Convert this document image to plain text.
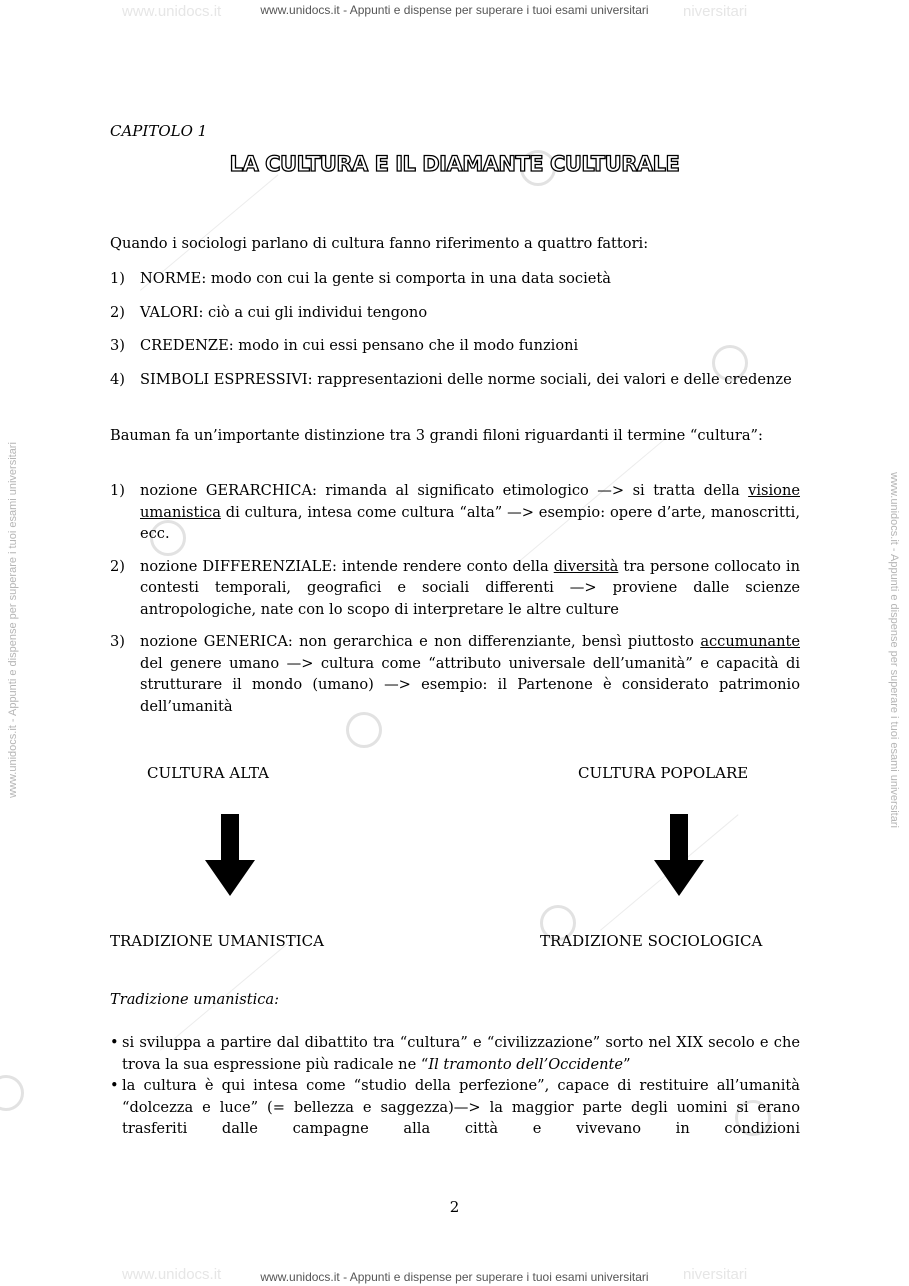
www.unidocs.it	niversitari
www.unidocs.it	niversitari
www.unidocs.it - Appunti e dispense per superare i tuoi esami universitari
www.unidocs.it - Appunti e dispense per superare i tuoi esami universitari
www.unidocs.it - Appunti e dispense per superare i tuoi esami universitari	www.unidocs.it - Appunti e dispense per superare i tuoi esami universitari
CAPITOLO 1
LA CULTURA E IL DIAMANTE CULTURALE

Quando i sociologi parlano di cultura fanno riferimento a quattro fattori:

1) NORME: modo con cui la gente si comporta in una data società

2) VALORI: ciò a cui gli individui tengono

3) CREDENZE: modo in cui essi pensano che il modo funzioni

4) SIMBOLI ESPRESSIVI: rappresentazioni delle norme sociali, dei valori e delle credenze

Bauman fa un’importante distinzione tra 3 grandi filoni riguardanti il termine “cultura”:

1) nozione GERARCHICA: rimanda al significato etimologico —> si tratta della visione umanistica di cultura, intesa come cultura “alta” —> esempio: opere d’arte, manoscritti, ecc.

2) nozione DIFFERENZIALE: intende rendere conto della diversità tra persone collocato in contesti temporali, geografici e sociali differenti —> proviene dalle scienze antropologiche, nate con lo scopo di interpretare le altre culture

3) nozione GENERICA: non gerarchica e non differenziante, bensì piuttosto accumunante del genere umano —> cultura come “attributo universale dell’umanità” e capacità di strutturare il mondo (umano) —> esempio: il Partenone è considerato patrimonio dell’umanità

CULTURA ALTA	CULTURA POPOLARE
TRADIZIONE UMANISTICA	TRADIZIONE SOCIOLOGICA

Tradizione umanistica:

• si sviluppa a partire dal dibattito tra “cultura” e “civilizzazione” sorto nel XIX secolo e che trova la sua espressione più radicale ne “Il tramonto dell’Occidente”

• la cultura è qui intesa come “studio della perfezione”, capace di restituire all’umanità “dolcezza e luce” (= bellezza e saggezza)—> la maggior parte degli uomini si erano trasferiti dalle campagne alla città e vivevano in condizioni

2
